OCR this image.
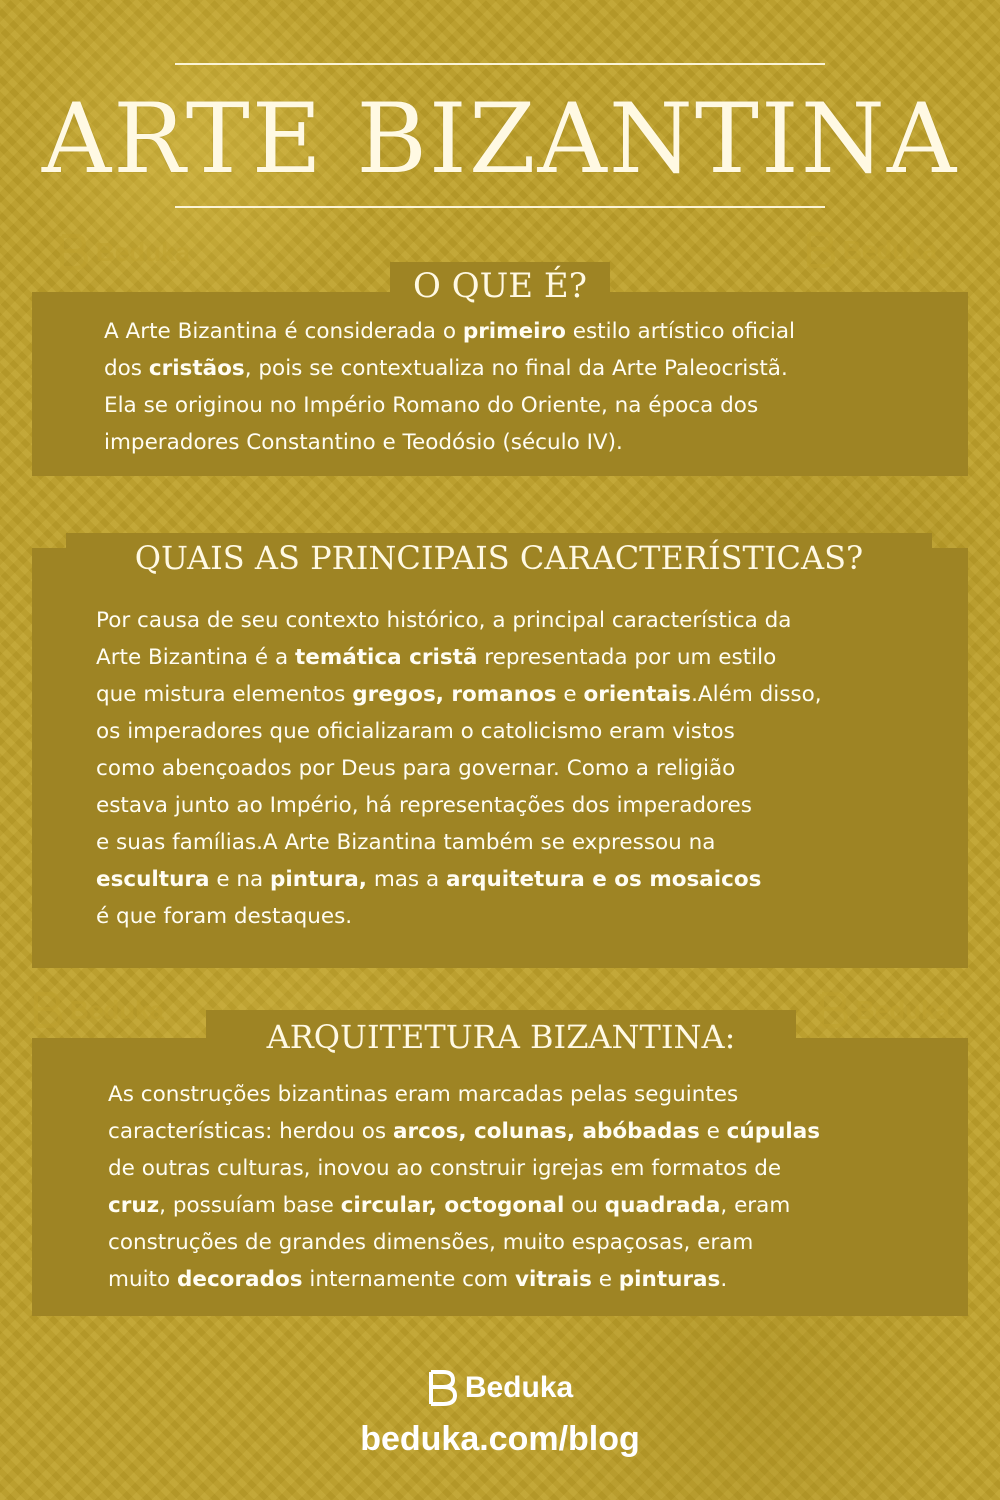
ARTE BIZANTINA
Beduka	Beduka
Beduka	Beduka
O QUE É?

A Arte Bizantina é considerada o primeiro estilo artístico oficial

dos cristãos, pois se contextualiza no final da Arte Paleocristã.

Ela se originou no Império Romano do Oriente, na época dos

imperadores Constantino e Teodósio (século IV).

QUAIS AS PRINCIPAIS CARACTERÍSTICAS?

Por causa de seu contexto histórico, a principal característica da

Arte Bizantina é a temática cristã representada por um estilo

que mistura elementos gregos, romanos e orientais.Além disso,

os imperadores que oficializaram o catolicismo eram vistos

como abençoados por Deus para governar. Como a religião

estava junto ao Império, há representações dos imperadores

e suas famílias.A Arte Bizantina também se expressou na

escultura e na pintura, mas a arquitetura e os mosaicos

é que foram destaques.

ARQUITETURA BIZANTINA:

As construções bizantinas eram marcadas pelas seguintes

características: herdou os arcos, colunas, abóbadas e cúpulas

de outras culturas, inovou ao construir igrejas em formatos de

cruz, possuíam base circular, octogonal ou quadrada, eram

construções de grandes dimensões, muito espaçosas, eram

muito decorados internamente com vitrais e pinturas.

Beduka
beduka.com/blog
